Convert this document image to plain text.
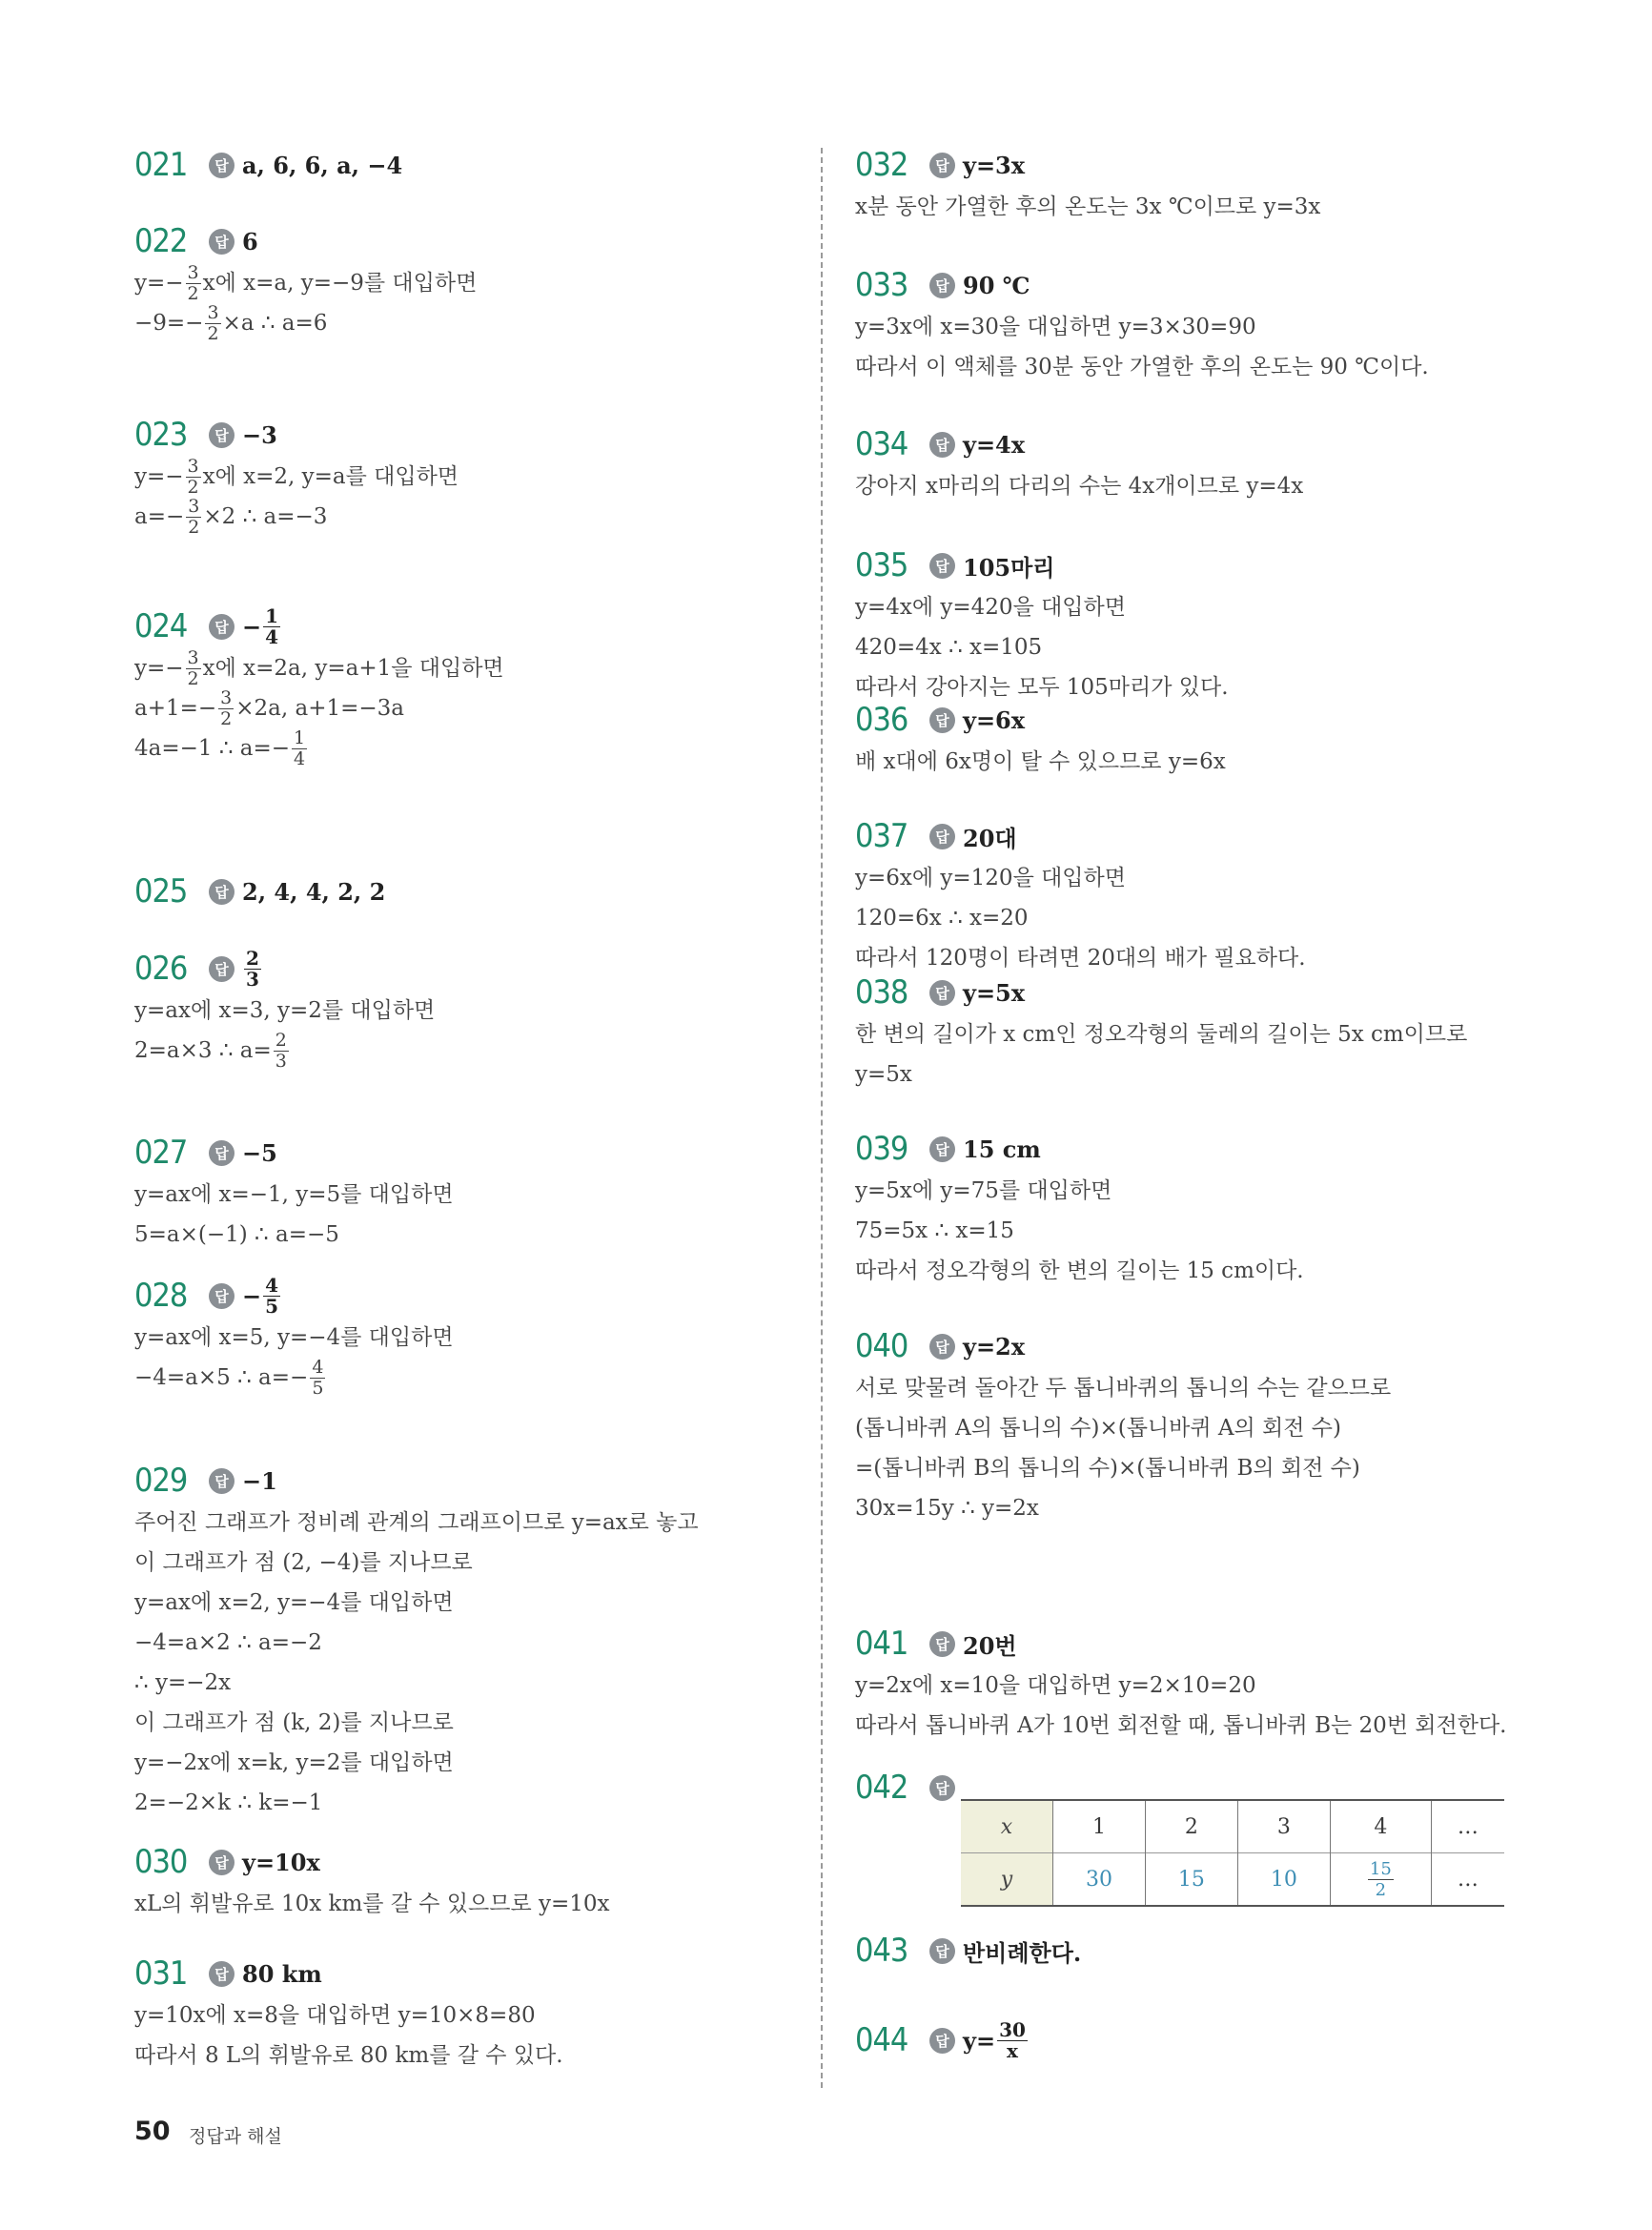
50 정답과 해설
021	답 a, 6, 6, a, −4
022	답 6
$y=- \frac{3}{2}$ x에 x=a, y=−9를 대입하면
$-9=- \frac{3}{2} \times a$ ∴ a=6
023	답 −3
$y=- \frac{3}{2}$ x에 x=2, y=a를 대입하면
$a=- \frac{3}{2} \times 2$ ∴ a=−3
024	답 − $\frac{1}{4}$
$y=- \frac{3}{2}$ x에 x=2a, y=a+1을 대입하면
$a+1=- \frac{3}{2} \times 2a$, a+1=−3a
4a=−1 ∴ $a=- \frac{1}{4}$
025	답 2, 4, 4, 2, 2
026	답 $\frac{2}{3}$
y=ax에 x=3, y=2를 대입하면
2=a×3 ∴ $a= \frac{2}{3}$
027	답 −5
y=ax에 x=−1, y=5를 대입하면
5=a×(−1) ∴ a=−5
028	답 − $\frac{4}{5}$
y=ax에 x=5, y=−4를 대입하면
−4=a×5 ∴ $a=- \frac{4}{5}$
029	답 −1
주어진 그래프가 정비례 관계의 그래프이므로 y=ax로 놓고
이 그래프가 점 (2, −4)를 지나므로
y=ax에 x=2, y=−4를 대입하면
−4=a×2 ∴ a=−2
∴ y=−2x
이 그래프가 점 (k, 2)를 지나므로
y=−2x에 x=k, y=2를 대입하면
2=−2×k ∴ k=−1
030	답 y=10x
xL의 휘발유로 10x km를 갈 수 있으므로 y=10x
031	답 80 km
y=10x에 x=8을 대입하면 y=10×8=80
따라서 8 L의 휘발유로 80 km를 갈 수 있다.
032	답 y=3x
x분 동안 가열한 후의 온도는 3x ℃이므로 y=3x
033	답 90 ℃
y=3x에 x=30을 대입하면 y=3×30=90
따라서 이 액체를 30분 동안 가열한 후의 온도는 90 ℃이다.
034	답 y=4x
강아지 x마리의 다리의 수는 4x개이므로 y=4x
035	답 105마리
y=4x에 y=420을 대입하면
420=4x ∴ x=105
따라서 강아지는 모두 105마리가 있다.
036	답 y=6x
배 x대에 6x명이 탈 수 있으므로 y=6x
037	답 20대
y=6x에 y=120을 대입하면
120=6x ∴ x=20
따라서 120명이 타려면 20대의 배가 필요하다.
038	답 y=5x
한 변의 길이가 x cm인 정오각형의 둘레의 길이는 5x cm이므로
y=5x
039	답 15 cm
y=5x에 y=75를 대입하면
75=5x ∴ x=15
따라서 정오각형의 한 변의 길이는 15 cm이다.
040	답 y=2x
서로 맞물려 돌아간 두 톱니바퀴의 톱니의 수는 같으므로
(톱니바퀴 A의 톱니의 수)×(톱니바퀴 A의 회전 수)
=(톱니바퀴 B의 톱니의 수)×(톱니바퀴 B의 회전 수)
30x=15y ∴ y=2x
041	답 20번
y=2x에 x=10을 대입하면 y=2×10=20
따라서 톱니바퀴 A가 10번 회전할 때, 톱니바퀴 B는 20번 회전한다.
042	답
043	답 반비례한다.
044	답 $y= \frac{30}{x}$
x	1	2	3	4	…
y	30	15	10	$\frac{15}{2}$	…
